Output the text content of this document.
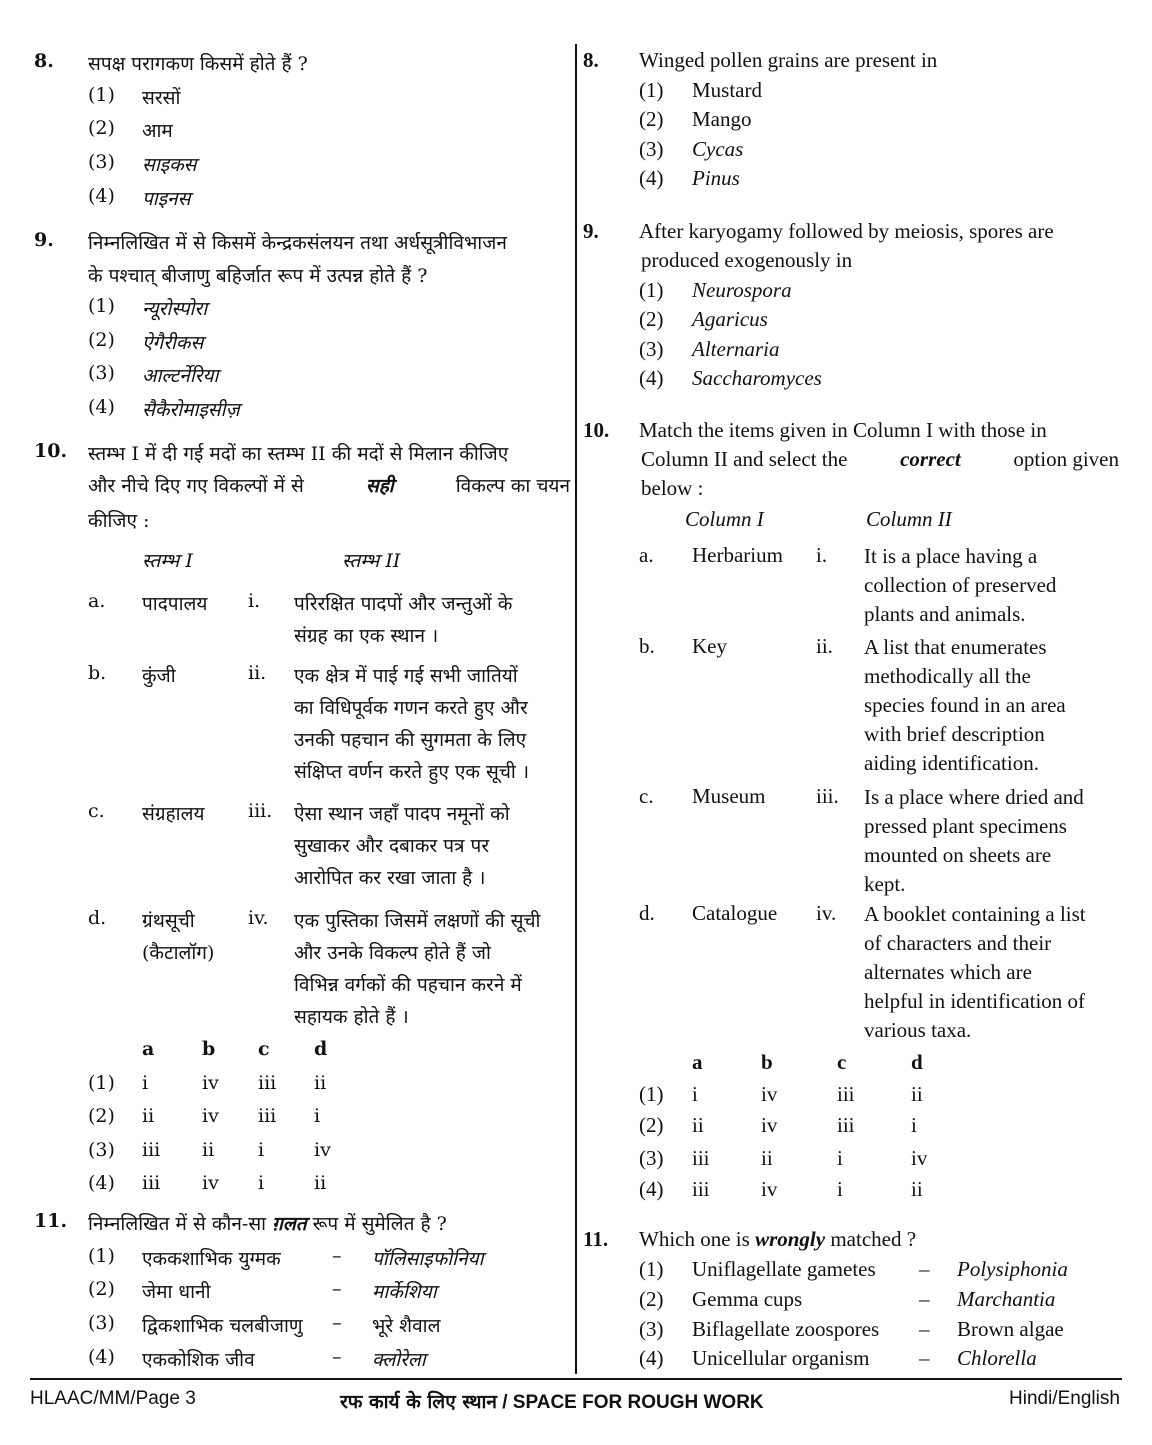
8. सपक्ष परागकण किसमें होते हैं ?
(1) सरसों
(2) आम
(3) साइकस
(4) पाइनस
9. निम्नलिखित में से किसमें केन्द्रकसंलयन तथा अर्धसूत्रीविभाजन
के पश्चात् बीजाणु बहिर्जात रूप में उत्पन्न होते हैं ?
(1) न्यूरोस्पोरा
(2) ऐगैरीकस
(3) आल्टर्नेरिया
(4) सैकैरोमाइसीज़
10. स्तम्भ I में दी गई मदों का स्तम्भ II की मदों से मिलान कीजिए
और नीचे दिए गए विकल्पों में से	सही	विकल्प का चयन
कीजिए :
स्तम्भ I	स्तम्भ II
a. पादपालय i. परिरक्षित पादपों और जन्तुओं के
संग्रह का एक स्थान ।
b. कुंजी	ii. एक क्षेत्र में पाई गई सभी जातियों
का विधिपूर्वक गणन करते हुए और
उनकी पहचान की सुगमता के लिए
संक्षिप्त वर्णन करते हुए एक सूची ।
c. संग्रहालय iii. ऐसा स्थान जहाँ पादप नमूनों को
सुखाकर और दबाकर पत्र पर
आरोपित कर रखा जाता है ।
d. ग्रंथसूची
(कैटालॉग)
iv. एक पुस्तिका जिसमें लक्षणों की सूची
और उनके विकल्प होते हैं जो
विभिन्न वर्गकों की पहचान करने में
सहायक होते हैं ।
a	b c d
(1) i	iv iii ii
(2) ii	iv iii i
(3) iii ii i	iv
(4) iii iv i	ii
11. निम्नलिखित में से कौन-सा ग़लत रूप में सुमेलित है ?
(1) एककशाभिक युग्मक	– पॉलिसाइफोनिया
(2) जेमा धानी	– मार्केशिया
(3) द्विकशाभिक चलबीजाणु – भूरे शैवाल
(4) एककोशिक जीव	– क्लोरेला
8. Winged pollen grains are present in
(1) Mustard
(2) Mango
(3) Cycas
(4) Pinus
9. After karyogamy followed by meiosis, spores are
produced exogenously in
(1) Neurospora
(2) Agaricus
(3) Alternaria
(4) Saccharomyces
10. Match the items given in Column I with those in
Column II and select the	correct	option given
below :
Column I	Column II
a. Herbarium i. It is a place having a
collection of preserved
plants and animals.
b. Key	ii. A list that enumerates
methodically all the
species found in an area
with brief description
aiding identification.
c. Museum iii. Is a place where dried and
pressed plant specimens
mounted on sheets are
kept.
d. Catalogue iv. A booklet containing a list
of characters and their
alternates which are
helpful in identification of
various taxa.
a	b	c	d
(1) i	iv	iii	ii
(2) ii	iv	iii	i
(3) iii ii	i	iv
(4) iii iv	i	ii
11. Which one is wrongly matched ?
(1) Uniflagellate gametes – Polysiphonia
(2) Gemma cups	– Marchantia
(3) Biflagellate zoospores – Brown algae
(4) Unicellular organism – Chlorella
HLAAC/MM/Page 3	रफ कार्य के लिए स्थान / SPACE FOR ROUGH WORK	Hindi/English
